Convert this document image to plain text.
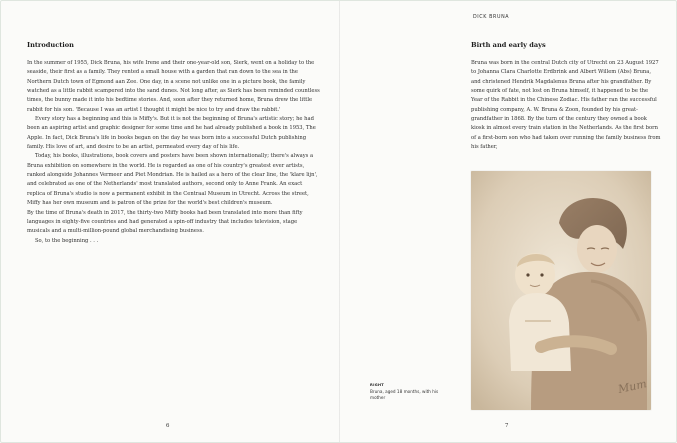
DICK BRUNA
Introduction

In the summer of 1955, Dick Bruna, his wife Irene and their one-year-old son, Sierk, went on a holiday to the seaside, their first as a family. They rented a small house with a garden that ran down to the sea in the Northern Dutch town of Egmond aan Zee. One day, in a scene not unlike one in a picture book, the family watched as a little rabbit scampered into the sand dunes. Not long after, as Sierk has been reminded countless times, the bunny made it into his bedtime stories. And, soon after they returned home, Bruna drew the little rabbit for his son. 'Because I was an artist I thought it might be nice to try and draw the rabbit.'

Every story has a beginning and this is Miffy's. But it is not the beginning of Bruna's artistic story; he had been an aspiring artist and graphic designer for some time and he had already published a book in 1953, The Apple. In fact, Dick Bruna's life in books began on the day he was born into a successful Dutch publishing family. His love of art, and desire to be an artist, permeated every day of his life.

Today, his books, illustrations, book covers and posters have been shown internationally; there's always a Bruna exhibition on somewhere in the world. He is regarded as one of his country's greatest ever artists, ranked alongside Johannes Vermeer and Piet Mondrian. He is hailed as a hero of the clear line, the 'klare lijn', and celebrated as one of the Netherlands' most translated authors, second only to Anne Frank. An exact replica of Bruna's studio is now a permanent exhibit in the Centraal Museum in Utrecht. Across the street, Miffy has her own museum and is patron of the prize for the world's best children's museum.

By the time of Bruna's death in 2017, the thirty-two Miffy books had been translated into more than fifty languages in eighty-five countries and had generated a spin-off industry that includes television, stage musicals and a multi-million-pound global merchandising business.

So, to the beginning . . .

6
Birth and early days

Bruna was born in the central Dutch city of Utrecht on 23 August 1927 to Johanna Clara Charlotte Erdbrink and Albert Willem (Abs) Bruna, and christened Hendrik Magdalenus Bruna after his grandfather. By some quirk of fate, not lost on Bruna himself, it happened to be the Year of the Rabbit in the Chinese Zodiac. His father ran the successful publishing company, A. W. Bruna & Zoon, founded by his great-grandfather in 1868. By the turn of the century they owned a book kiosk in almost every train station in the Netherlands. As the first born of a first-born son who had taken over running the family business from his father,

Mum
RIGHT
Bruna, aged 18 months, with his mother
7
